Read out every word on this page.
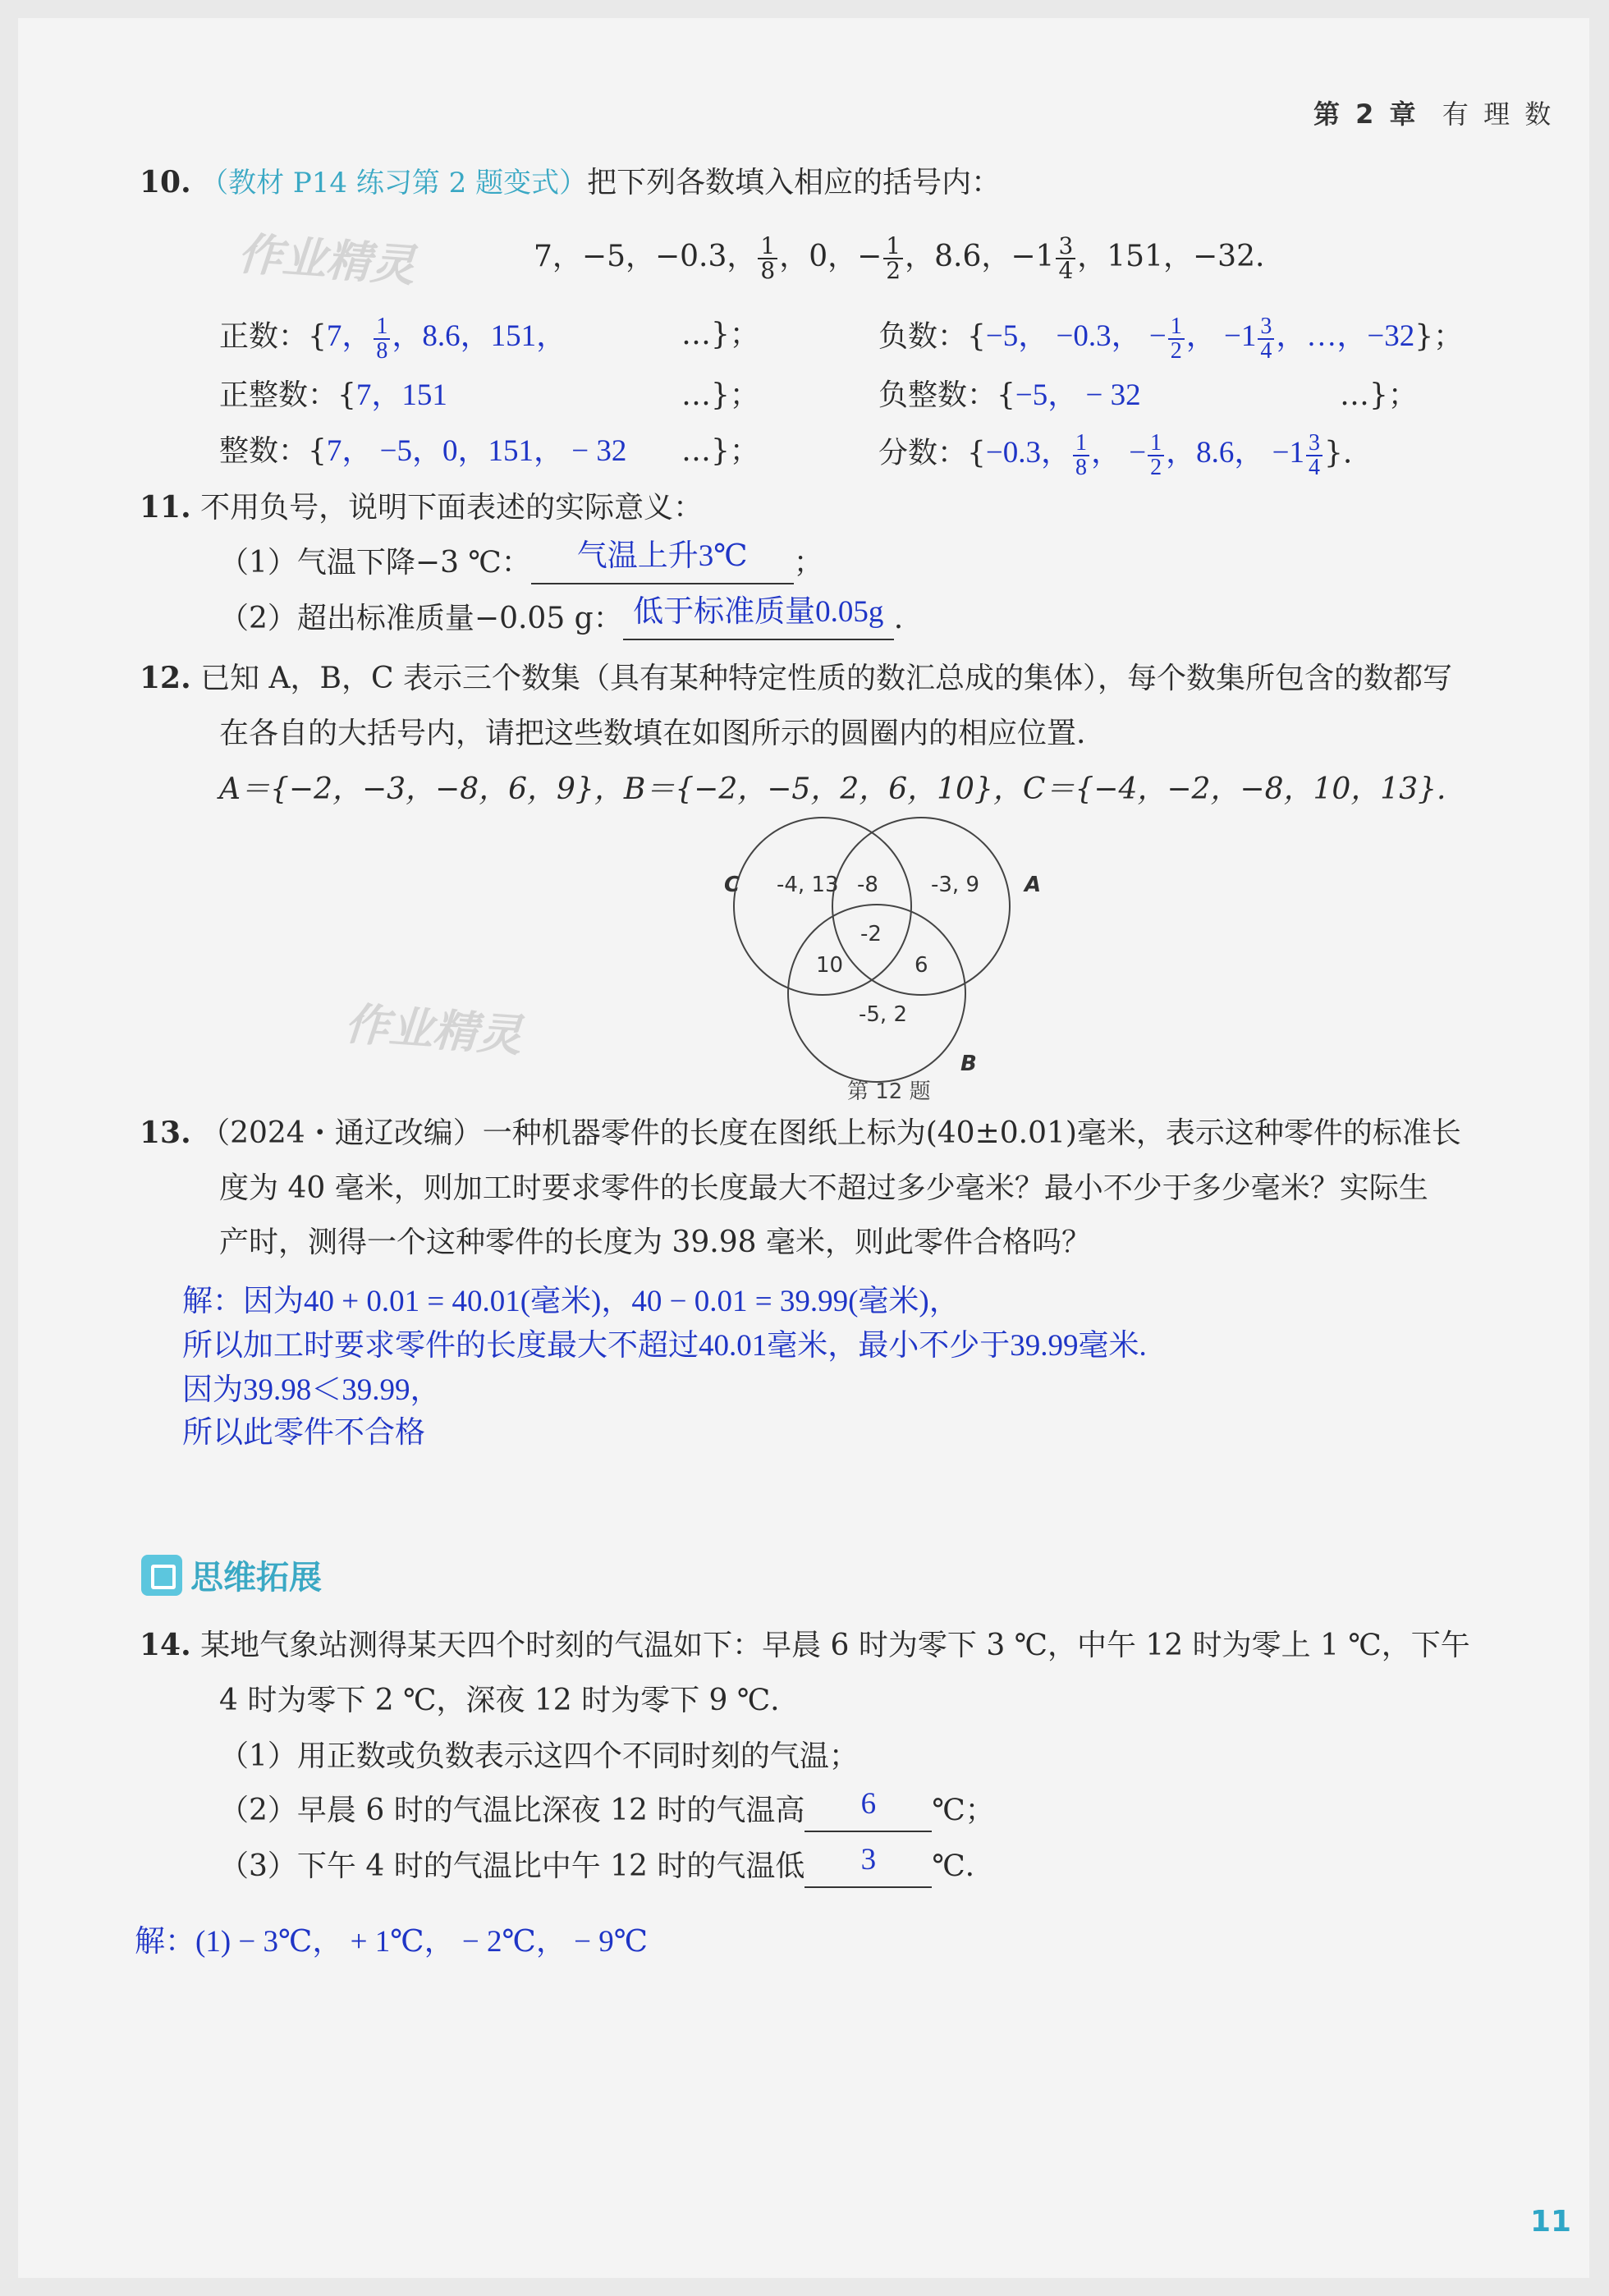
第 2 章 有 理 数
作业精灵
作业精灵
10. （教材 P14 练习第 2 题变式）把下列各数填入相应的括号内：
7，−5，−0.3， $\frac{1}{8}$ ，0，− $\frac{1}{2}$ ，8.6，$-1 \frac{3}{4}$ ，151，−32.
正数：{7， $\frac{1}{8}$ ，8.6，151，	…}；	负数：{−5， −0.3， − $\frac{1}{2}$ ， $-1 \frac{3}{4}$ ，…，−32}；
正整数：{7，151	…}；	负整数：{−5， − 32	…}；
整数：{7， −5，0，151， − 32 …}；	分数：{−0.3， $\frac{1}{8}$ ， − $\frac{1}{2}$ ，8.6， $-1 \frac{3}{4}$ }.
11. 不用负号，说明下面表述的实际意义：
（1）气温下降−3 ℃： 气温上升3℃ ；
（2）超出标准质量−0.05 g： 低于标准质量0.05g .
12. 已知 A，B，C 表示三个数集（具有某种特定性质的数汇总成的集体），每个数集所包含的数都写
在各自的大括号内，请把这些数填在如图所示的圆圈内的相应位置.
A＝{−2，−3，−8，6，9}，B＝{−2，−5，2，6，10}，C＝{−4，−2，−8，10，13}.
C	A
B
-4, 13 -8 -3, 9
-2
10	6
-5, 2
第 12 题
13. （2024・通辽改编）一种机器零件的长度在图纸上标为(40±0.01)毫米，表示这种零件的标准长
度为 40 毫米，则加工时要求零件的长度最大不超过多少毫米？最小不少于多少毫米？实际生
产时，测得一个这种零件的长度为 39.98 毫米，则此零件合格吗？
解：因为40 + 0.01 = 40.01(毫米)，40 − 0.01 = 39.99(毫米)，
所以加工时要求零件的长度最大不超过40.01毫米，最小不少于39.99毫米.
因为39.98＜39.99，
所以此零件不合格
思维拓展
14. 某地气象站测得某天四个时刻的气温如下：早晨 6 时为零下 3 ℃，中午 12 时为零上 1 ℃，下午
4 时为零下 2 ℃，深夜 12 时为零下 9 ℃.
（1）用正数或负数表示这四个不同时刻的气温；
（2）早晨 6 时的气温比深夜 12 时的气温高 6 ℃；
（3）下午 4 时的气温比中午 12 时的气温低 3 ℃.
解：(1) − 3℃， + 1℃， − 2℃， − 9℃
11
